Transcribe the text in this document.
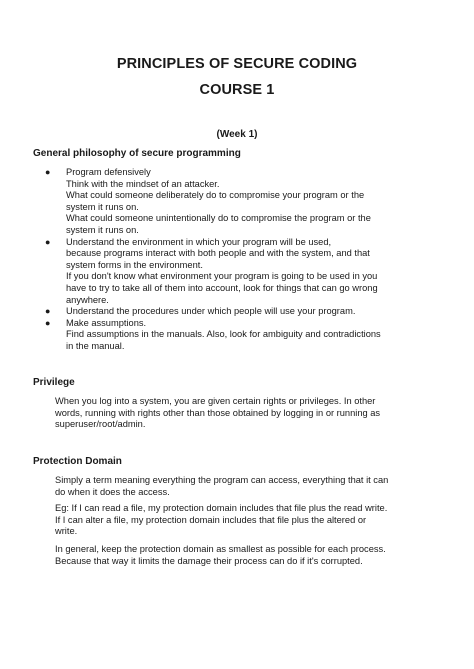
PRINCIPLES OF SECURE CODING
COURSE 1
(Week 1)
General philosophy of secure programming
● Program defensively
Think with the mindset of an attacker.
What could someone deliberately do to compromise your program or the
system it runs on.
What could someone unintentionally do to compromise the program or the
system it runs on.
● Understand the environment in which your program will be used,
because programs interact with both people and with the system, and that
system forms in the environment.
If you don't know what environment your program is going to be used in you
have to try to take all of them into account, look for things that can go wrong
anywhere.
● Understand the procedures under which people will use your program.
● Make assumptions.
Find assumptions in the manuals. Also, look for ambiguity and contradictions
in the manual.
Privilege
When you log into a system, you are given certain rights or privileges. In other
words, running with rights other than those obtained by logging in or running as
superuser/root/admin.
Protection Domain
Simply a term meaning everything the program can access, everything that it can
do when it does the access.
Eg: If I can read a file, my protection domain includes that file plus the read write.
If I can alter a file, my protection domain includes that file plus the altered or
write.
In general, keep the protection domain as smallest as possible for each process.
Because that way it limits the damage their process can do if it's corrupted.
